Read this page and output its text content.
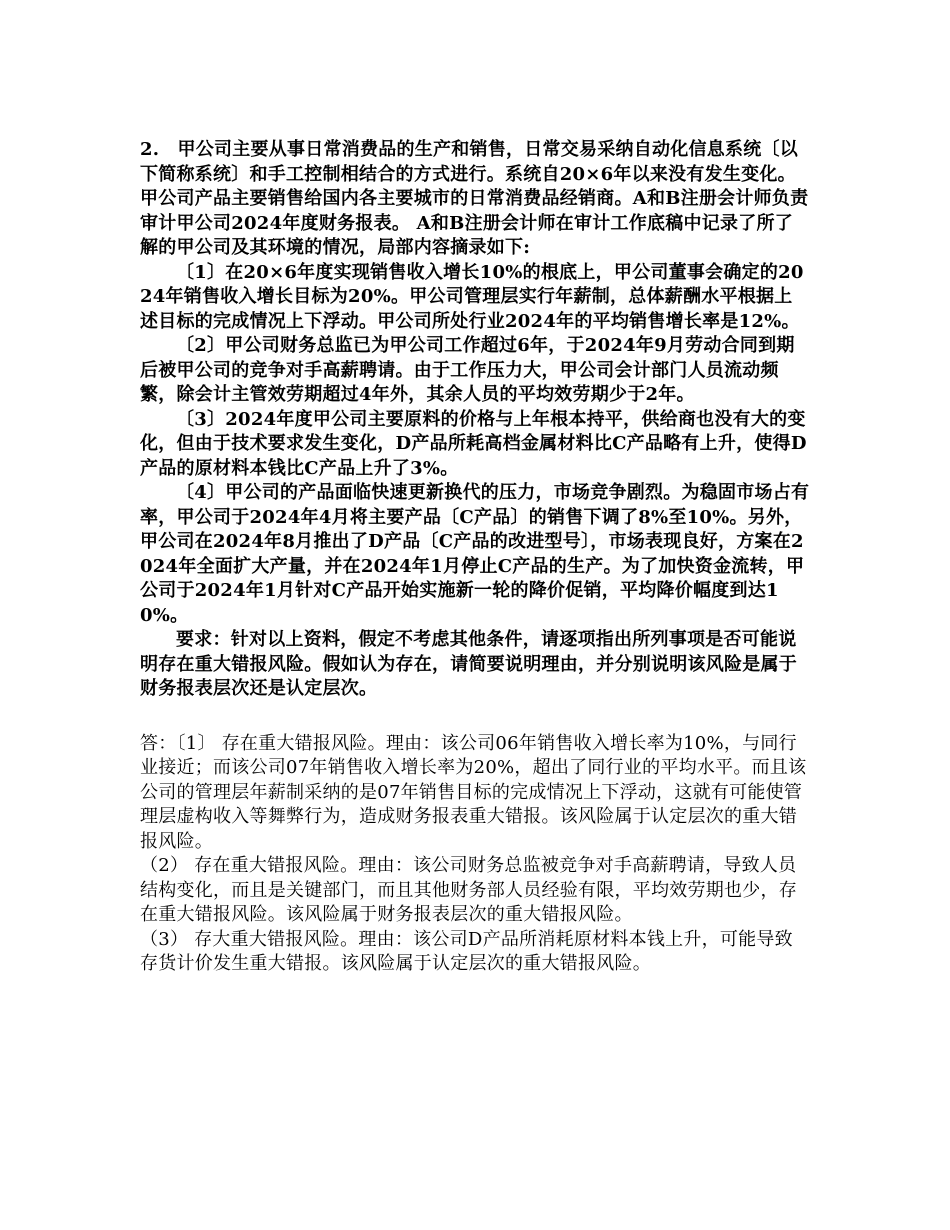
2.　甲公司主要从事日常消费品的生产和销售，日常交易采纳自动化信息系统〔以下简称系统〕和手工控制相结合的方式进行。系统自20×6年以来没有发生变化。甲公司产品主要销售给国内各主要城市的日常消费品经销商。A和B注册会计师负责审计甲公司2024年度财务报表。 A和B注册会计师在审计工作底稿中记录了所了解的甲公司及其环境的情况，局部内容摘录如下:

〔1〕在20×6年度实现销售收入增长10%的根底上，甲公司董事会确定的2024年销售收入增长目标为20%。甲公司管理层实行年薪制，总体薪酬水平根据上述目标的完成情况上下浮动。甲公司所处行业2024年的平均销售增长率是12%。

〔2〕甲公司财务总监已为甲公司工作超过6年，于2024年9月劳动合同到期后被甲公司的竞争对手高薪聘请。由于工作压力大，甲公司会计部门人员流动频繁，除会计主管效劳期超过4年外，其余人员的平均效劳期少于2年。

〔3〕2024年度甲公司主要原料的价格与上年根本持平，供给商也没有大的变化，但由于技术要求发生变化，D产品所耗高档金属材料比C产品略有上升，使得D产品的原材料本钱比C产品上升了3%。

〔4〕甲公司的产品面临快速更新换代的压力，市场竞争剧烈。为稳固市场占有率，甲公司于2024年4月将主要产品〔C产品〕的销售下调了8%至10%。另外，甲公司在2024年8月推出了D产品〔C产品的改进型号〕，市场表现良好，方案在2024年全面扩大产量，并在2024年1月停止C产品的生产。为了加快资金流转，甲公司于2024年1月针对C产品开始实施新一轮的降价促销，平均降价幅度到达10%。

要求：针对以上资料，假定不考虑其他条件，请逐项指出所列事项是否可能说明存在重大错报风险。假如认为存在，请简要说明理由，并分别说明该风险是属于财务报表层次还是认定层次。

答：〔1〕 存在重大错报风险。理由：该公司06年销售收入增长率为10%，与同行业接近；而该公司07年销售收入增长率为20%，超出了同行业的平均水平。而且该公司的管理层年薪制采纳的是07年销售目标的完成情况上下浮动，这就有可能使管理层虚构收入等舞弊行为，造成财务报表重大错报。该风险属于认定层次的重大错报风险。

（2） 存在重大错报风险。理由：该公司财务总监被竞争对手高薪聘请，导致人员结构变化，而且是关键部门，而且其他财务部人员经验有限，平均效劳期也少，存在重大错报风险。该风险属于财务报表层次的重大错报风险。

（3） 存大重大错报风险。理由：该公司D产品所消耗原材料本钱上升，可能导致存货计价发生重大错报。该风险属于认定层次的重大错报风险。
